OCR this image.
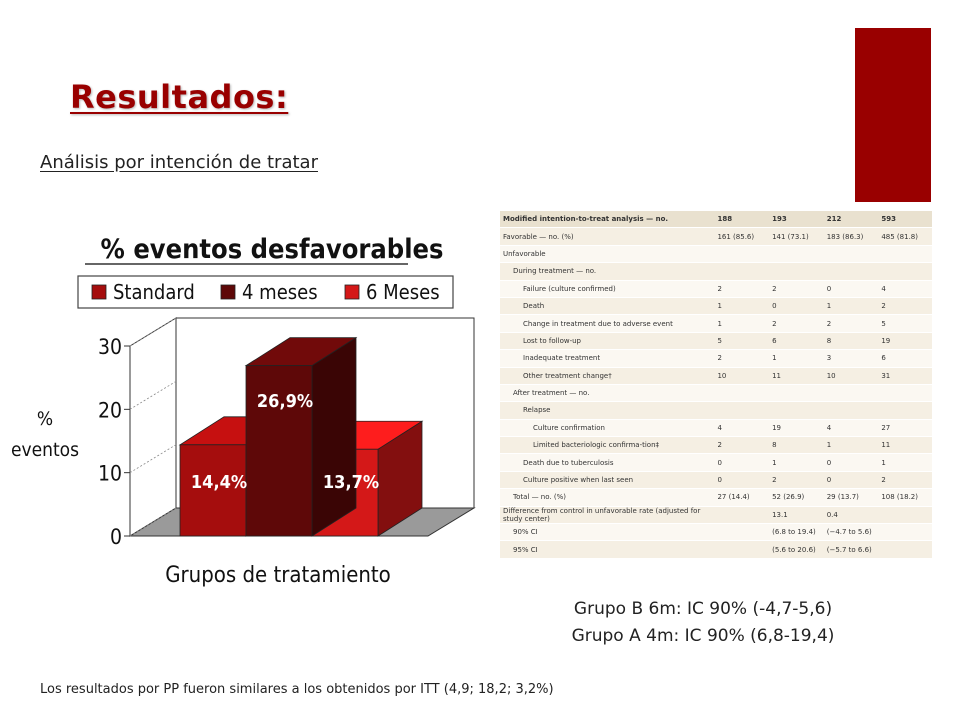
Resultados:
Análisis por intención de tratar
% eventos desfavorables
Standard 4 meses 6 Meses
0
10
20
30
%
eventos
14,4%
26,9%
13,7%
Grupos de tratamiento
Modified intention-to-treat analysis — no.	188	193	212	593
Favorable — no. (%)	161 (85.6)	141 (73.1)	183 (86.3)	485 (81.8)
Unfavorable				
During treatment — no.				
Failure (culture confirmed)	2	2	0	4
Death	1	0	1	2
Change in treatment due to adverse event	1	2	2	5
Lost to follow-up	5	6	8	19
Inadequate treatment	2	1	3	6
Other treatment change†	10	11	10	31
After treatment — no.				
Relapse				
Culture confirmation	4	19	4	27
Limited bacteriologic confirma-tion‡	2	8	1	11
Death due to tuberculosis	0	1	0	1
Culture positive when last seen	0	2	0	2
Total — no. (%)	27 (14.4)	52 (26.9)	29 (13.7)	108 (18.2)
Difference from control in unfavorable rate (adjusted for study center)		13.1	0.4	
90% CI		(6.8 to 19.4)	(−4.7 to 5.6)	
95% CI		(5.6 to 20.6)	(−5.7 to 6.6)	
Grupo B 6m: IC 90% (-4,7-5,6)
Grupo A 4m: IC 90% (6,8-19,4)
Los resultados por PP fueron similares a los obtenidos por ITT (4,9; 18,2; 3,2%)
